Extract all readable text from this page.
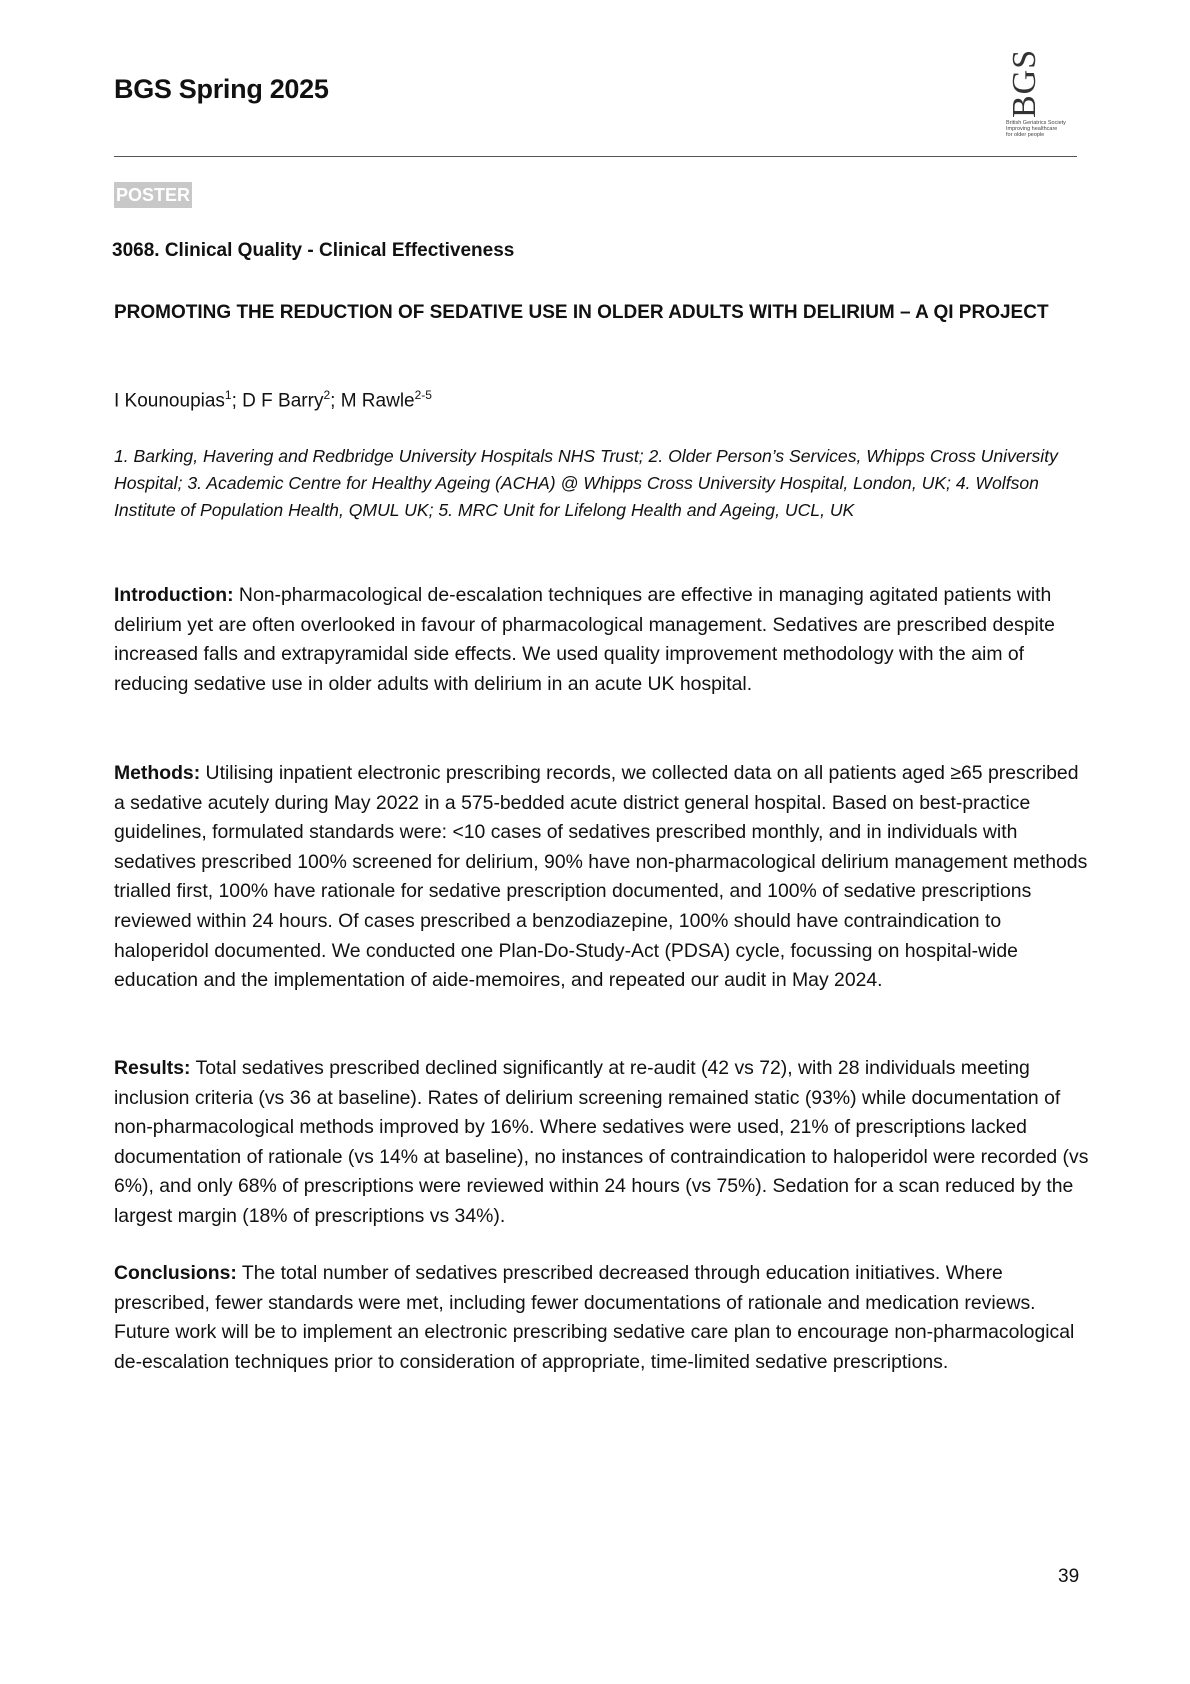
BGS Spring 2025	BGS
British Geriatrics Society
Improving healthcare
for older people
POSTER
3068. Clinical Quality - Clinical Effectiveness
PROMOTING THE REDUCTION OF SEDATIVE USE IN OLDER ADULTS WITH DELIRIUM – A QI PROJECT
I Kounoupias$^1$; D F Barry$^2$; M Rawle$^{2-5}$
1. Barking, Havering and Redbridge University Hospitals NHS Trust; 2. Older Person’s Services, Whipps Cross University Hospital; 3. Academic Centre for Healthy Ageing (ACHA) @ Whipps Cross University Hospital, London, UK; 4. Wolfson Institute of Population Health, QMUL UK; 5. MRC Unit for Lifelong Health and Ageing, UCL, UK
Introduction: Non-pharmacological de-escalation techniques are effective in managing agitated patients with delirium yet are often overlooked in favour of pharmacological management. Sedatives are prescribed despite increased falls and extrapyramidal side effects. We used quality improvement methodology with the aim of reducing sedative use in older adults with delirium in an acute UK hospital.
Methods: Utilising inpatient electronic prescribing records, we collected data on all patients aged ≥65 prescribed a sedative acutely during May 2022 in a 575-bedded acute district general hospital. Based on best-practice guidelines, formulated standards were: <10 cases of sedatives prescribed monthly, and in individuals with sedatives prescribed 100% screened for delirium, 90% have non-pharmacological delirium management methods trialled first, 100% have rationale for sedative prescription documented, and 100% of sedative prescriptions reviewed within 24 hours. Of cases prescribed a benzodiazepine, 100% should have contraindication to haloperidol documented. We conducted one Plan-Do-Study-Act (PDSA) cycle, focussing on hospital-wide education and the implementation of aide-memoires, and repeated our audit in May 2024.
Results: Total sedatives prescribed declined significantly at re-audit (42 vs 72), with 28 individuals meeting inclusion criteria (vs 36 at baseline). Rates of delirium screening remained static (93%) while documentation of non-pharmacological methods improved by 16%. Where sedatives were used, 21% of prescriptions lacked documentation of rationale (vs 14% at baseline), no instances of contraindication to haloperidol were recorded (vs 6%), and only 68% of prescriptions were reviewed within 24 hours (vs 75%). Sedation for a scan reduced by the largest margin (18% of prescriptions vs 34%).
Conclusions: The total number of sedatives prescribed decreased through education initiatives. Where prescribed, fewer standards were met, including fewer documentations of rationale and medication reviews. Future work will be to implement an electronic prescribing sedative care plan to encourage non-pharmacological de-escalation techniques prior to consideration of appropriate, time-limited sedative prescriptions.
39
